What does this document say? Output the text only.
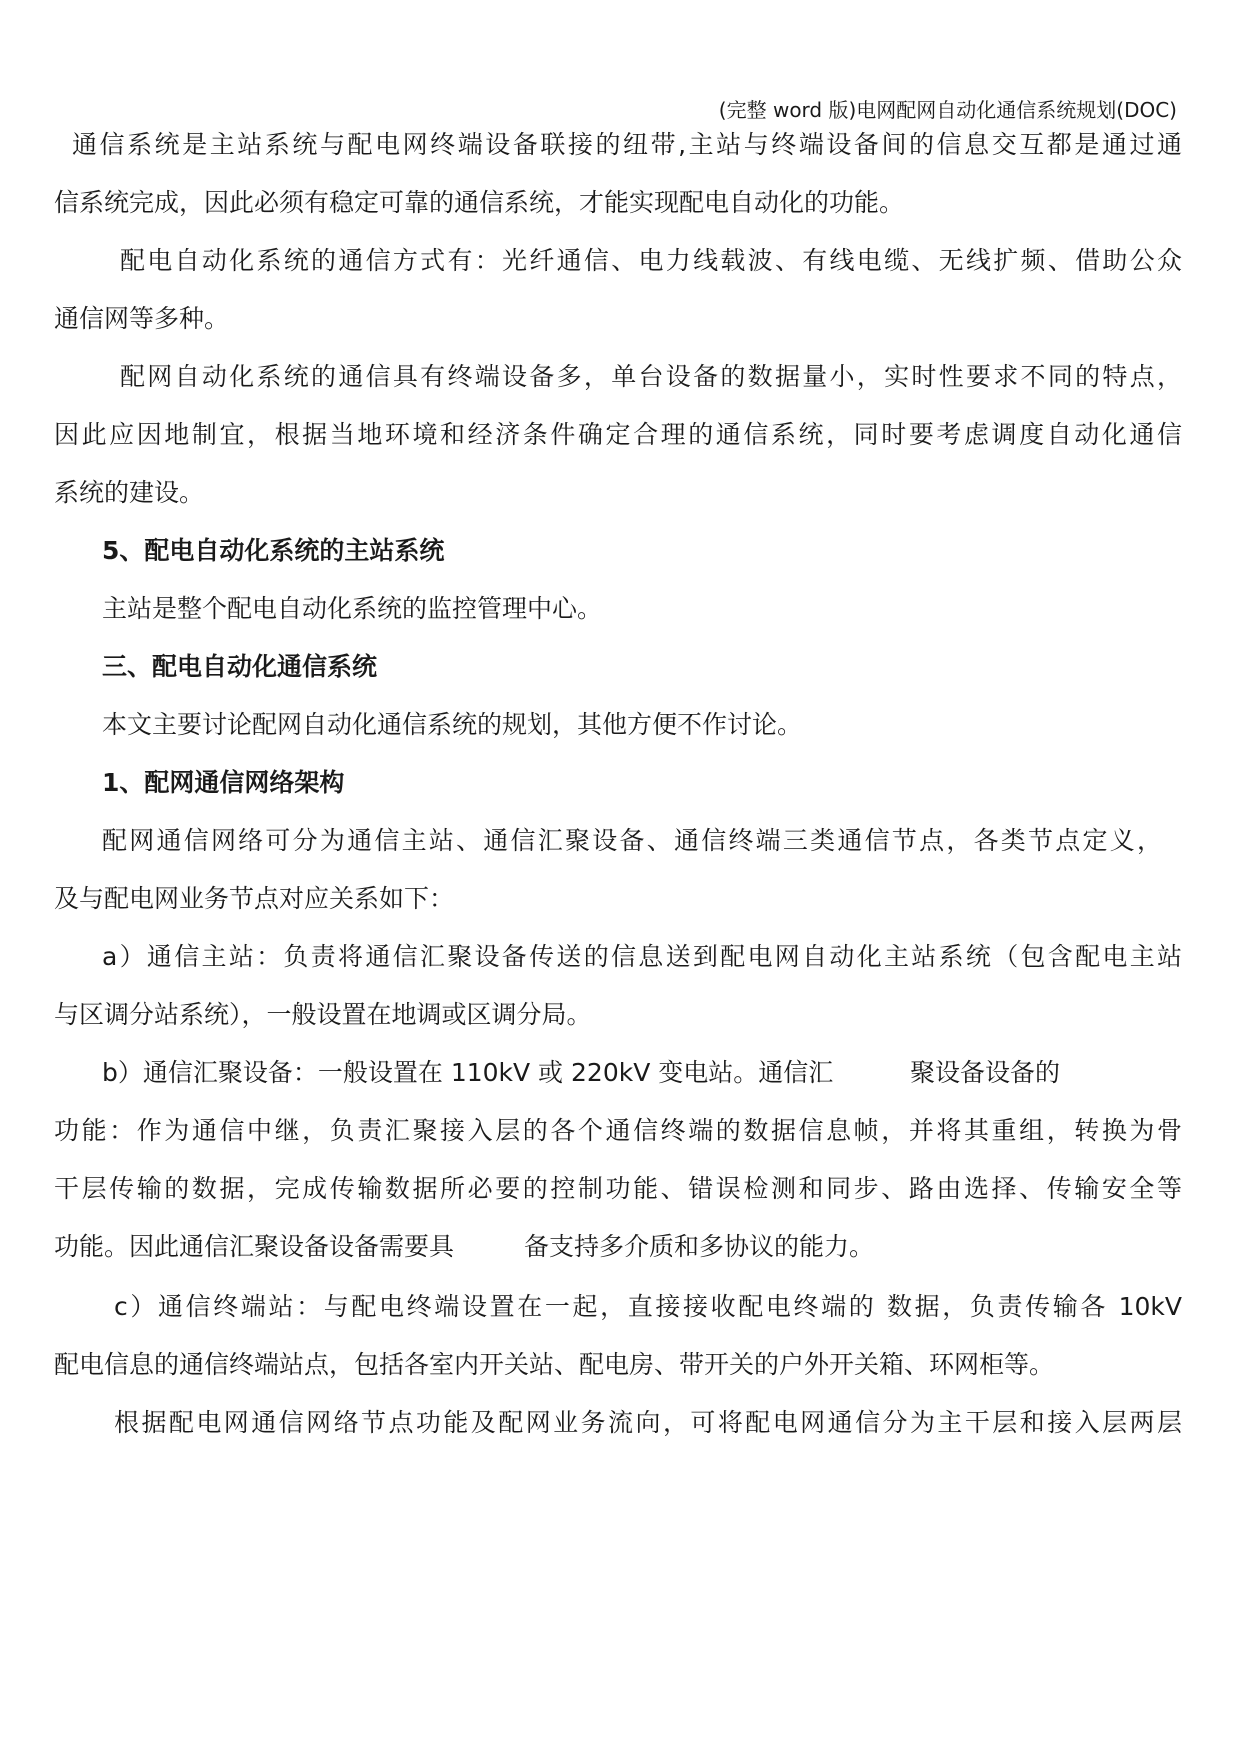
(完整 word 版)电网配网自动化通信系统规划(DOC)

通信系统是主站系统与配电网终端设备联接的纽带,主站与终端设备间的信息交互都是通过通

信系统完成，因此必须有稳定可靠的通信系统，才能实现配电自动化的功能。

配电自动化系统的通信方式有：光纤通信、电力线载波、有线电缆、无线扩频、借助公众

通信网等多种。

配网自动化系统的通信具有终端设备多，单台设备的数据量小，实时性要求不同的特点，

因此应因地制宜，根据当地环境和经济条件确定合理的通信系统，同时要考虑调度自动化通信

系统的建设。

5、配电自动化系统的主站系统

主站是整个配电自动化系统的监控管理中心。

三、配电自动化通信系统

本文主要讨论配网自动化通信系统的规划，其他方便不作讨论。

1、配网通信网络架构

配网通信网络可分为通信主站、通信汇聚设备、通信终端三类通信节点，各类节点定义，

及与配电网业务节点对应关系如下：

a）通信主站：负责将通信汇聚设备传送的信息送到配电网自动化主站系统（包含配电主站

与区调分站系统），一般设置在地调或区调分局。

b）通信汇聚设备：一般设置在 110kV 或 220kV 变电站。通信汇	聚设备设备的

功能：作为通信中继，负责汇聚接入层的各个通信终端的数据信息帧，并将其重组，转换为骨

干层传输的数据，完成传输数据所必要的控制功能、错误检测和同步、路由选择、传输安全等

功能。因此通信汇聚设备设备需要具	备支持多介质和多协议的能力。

c）通信终端站：与配电终端设置在一起，直接接收配电终端的 数据，负责传输各 10kV

配电信息的通信终端站点，包括各室内开关站、配电房、带开关的户外开关箱、环网柜等。

根据配电网通信网络节点功能及配网业务流向，可将配电网通信分为主干层和接入层两层
